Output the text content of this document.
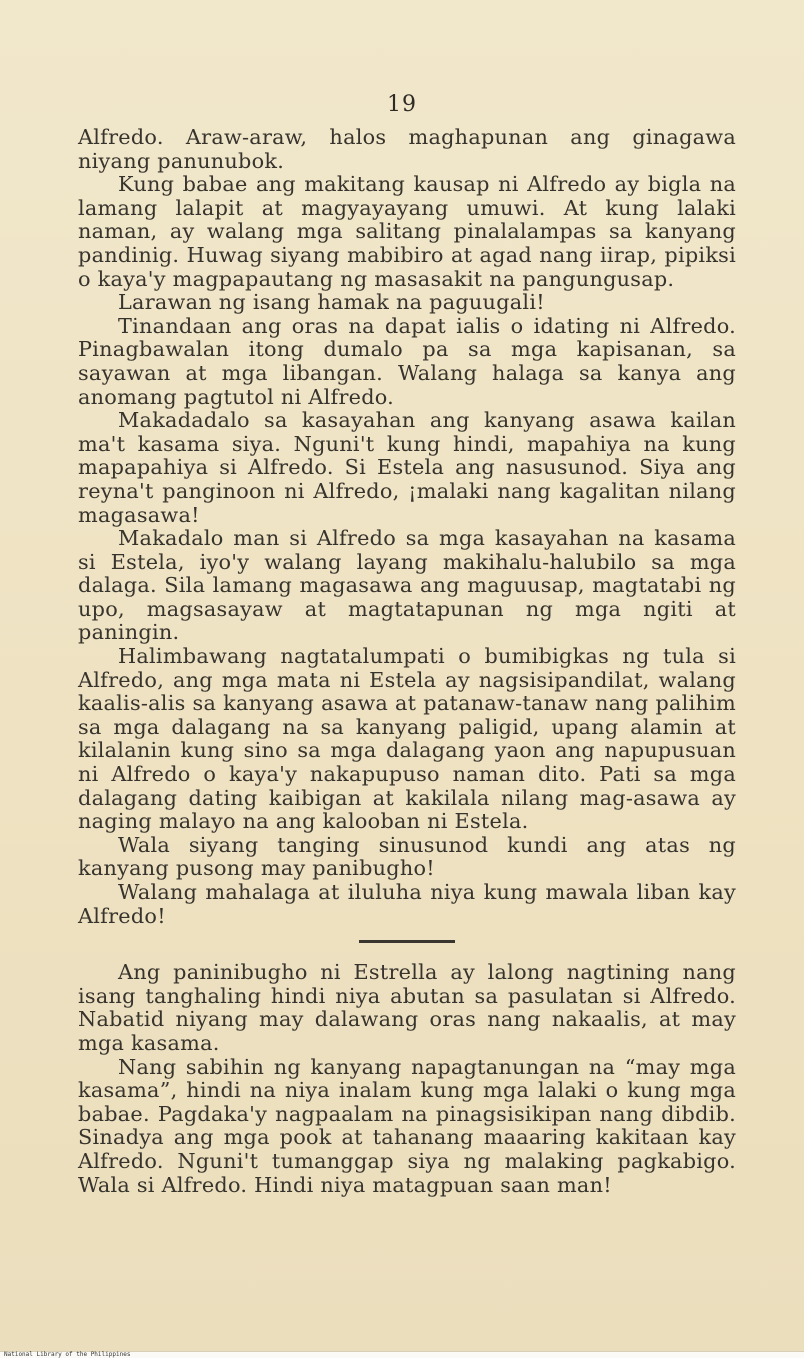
19

Alfredo. Araw-araw, halos maghapunan ang ginagawa niyang panunubok.

Kung babae ang makitang kausap ni Alfredo ay bigla na lamang lalapit at magyayayang umuwi. At kung lalaki naman, ay walang mga salitang pinalalampas sa kanyang pandinig. Huwag siyang mabibiro at agad nang iirap, pipiksi o kaya'y magpapautang ng masasakit na pangungusap.

Larawan ng isang hamak na paguugali!

Tinandaan ang oras na dapat ialis o idating ni Alfredo. Pinagbawalan itong dumalo pa sa mga kapisanan, sa sayawan at mga libangan. Walang halaga sa kanya ang anomang pagtutol ni Alfredo.

Makadadalo sa kasayahan ang kanyang asawa kailan ma't kasama siya. Nguni't kung hindi, mapahiya na kung mapapahiya si Alfredo. Si Estela ang nasusunod. Siya ang reyna't panginoon ni Alfredo, ¡malaki nang kagalitan nilang magasawa!

Makadalo man si Alfredo sa mga kasayahan na kasama si Estela, iyo'y walang layang makihalu-halubilo sa mga dalaga. Sila lamang magasawa ang maguusap, magtatabi ng upo, magsasayaw at magtatapunan ng mga ngiti at paningin.

Halimbawang nagtatalumpati o bumibigkas ng tula si Alfredo, ang mga mata ni Estela ay nagsisipandilat, walang kaalis-alis sa kanyang asawa at patanaw-tanaw nang palihim sa mga dalagang na sa kanyang paligid, upang alamin at kilalanin kung sino sa mga dalagang yaon ang napupusuan ni Alfredo o kaya'y nakapupuso naman dito. Pati sa mga dalagang dating kaibigan at kakilala nilang mag-asawa ay naging malayo na ang kalooban ni Estela.

Wala siyang tanging sinusunod kundi ang atas ng kanyang pusong may panibugho!

Walang mahalaga at iluluha niya kung mawala liban kay Alfredo!

Ang paninibugho ni Estrella ay lalong nagtining nang isang tanghaling hindi niya abutan sa pasulatan si Alfredo. Nabatid niyang may dalawang oras nang nakaalis, at may mga kasama.

Nang sabihin ng kanyang napagtanungan na “may mga kasama”, hindi na niya inalam kung mga lalaki o kung mga babae. Pagdaka'y nagpaalam na pinagsisikipan nang dibdib. Sinadya ang mga pook at tahanang maaaring kakitaan kay Alfredo. Nguni't tumanggap siya ng malaking pagkabigo. Wala si Alfredo. Hindi niya matagpuan saan man!

National Library of the Philippines
